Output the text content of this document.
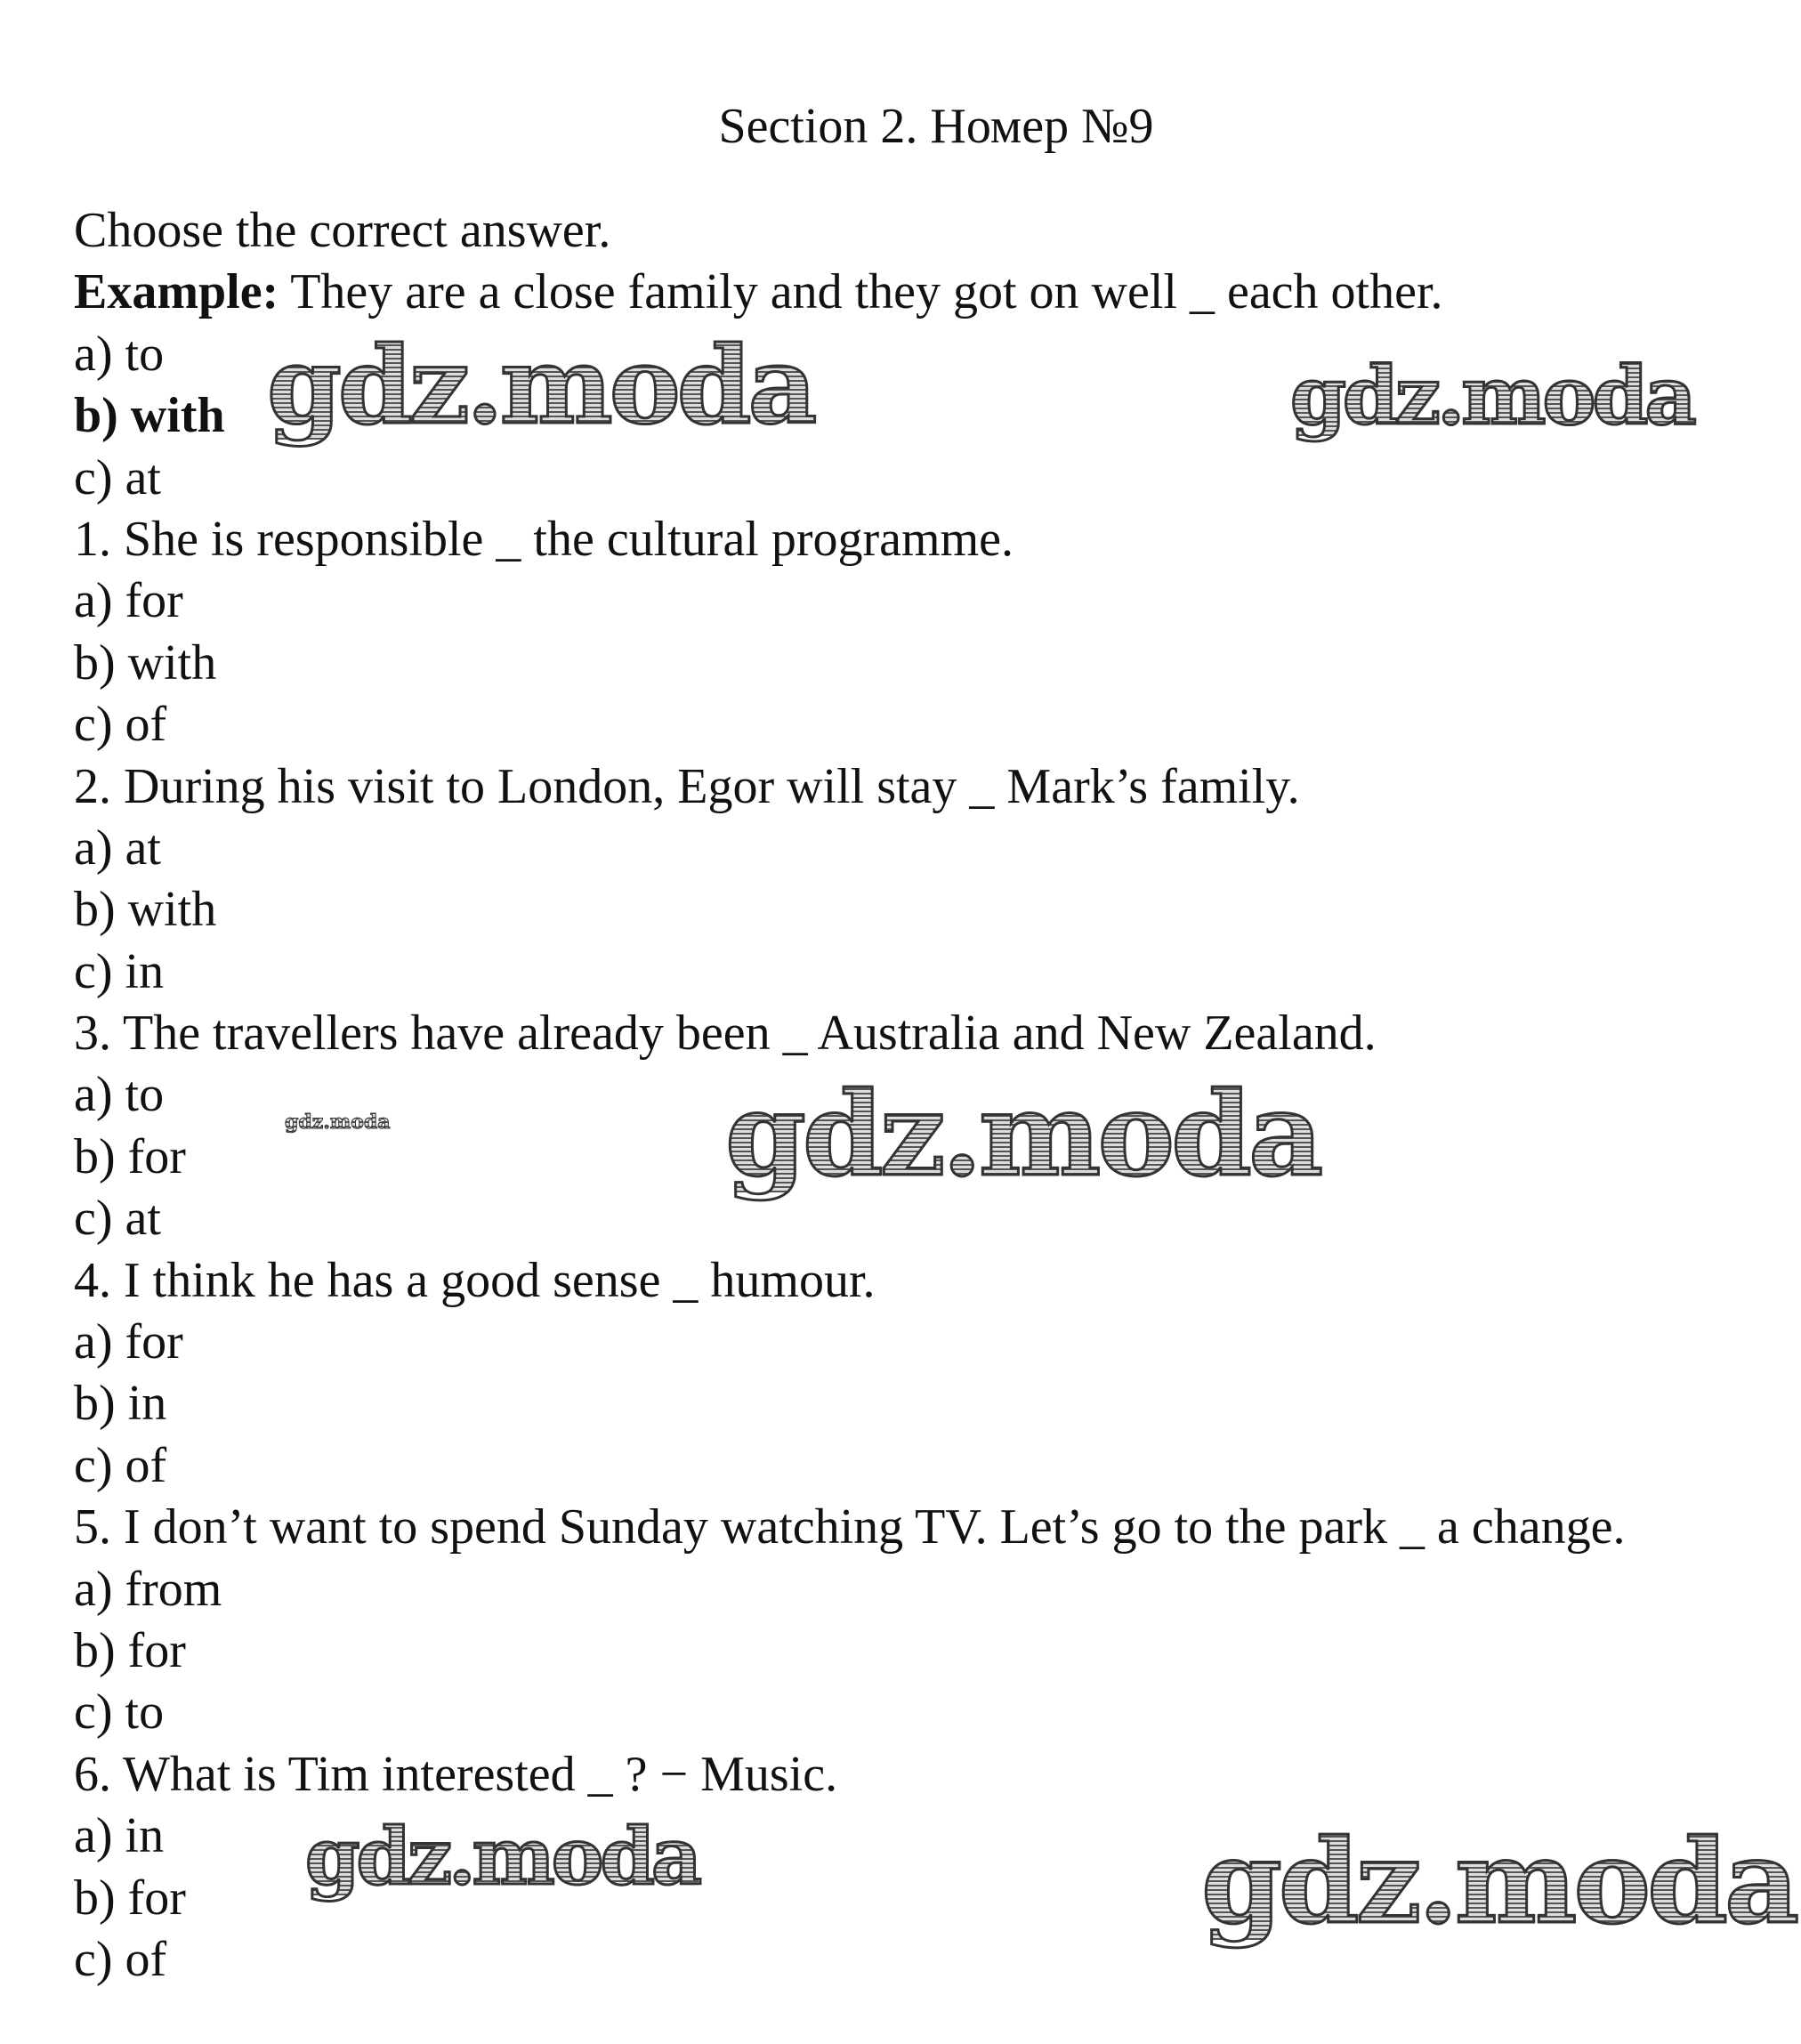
Section 2. Номер №9
Choose the correct answer.
Example: They are a close family and they got on well _ each other.
a) to
b) with
c) at
1. She is responsible _ the cultural programme.
a) for
b) with
c) of
2. During his visit to London, Egor will stay _ Mark’s family.
a) at
b) with
c) in
3. The travellers have already been _ Australia and New Zealand.
a) to
b) for
c) at
4. I think he has a good sense _ humour.
a) for
b) in
c) of
5. I don’t want to spend Sunday watching TV. Let’s go to the park _ a change.
a) from
b) for
c) to
6. What is Tim interested _ ? − Music.
a) in
b) for
c) of
gdz.moda	gdz.moda
gdz.moda
gdz.moda
gdz.moda
gdz.moda
